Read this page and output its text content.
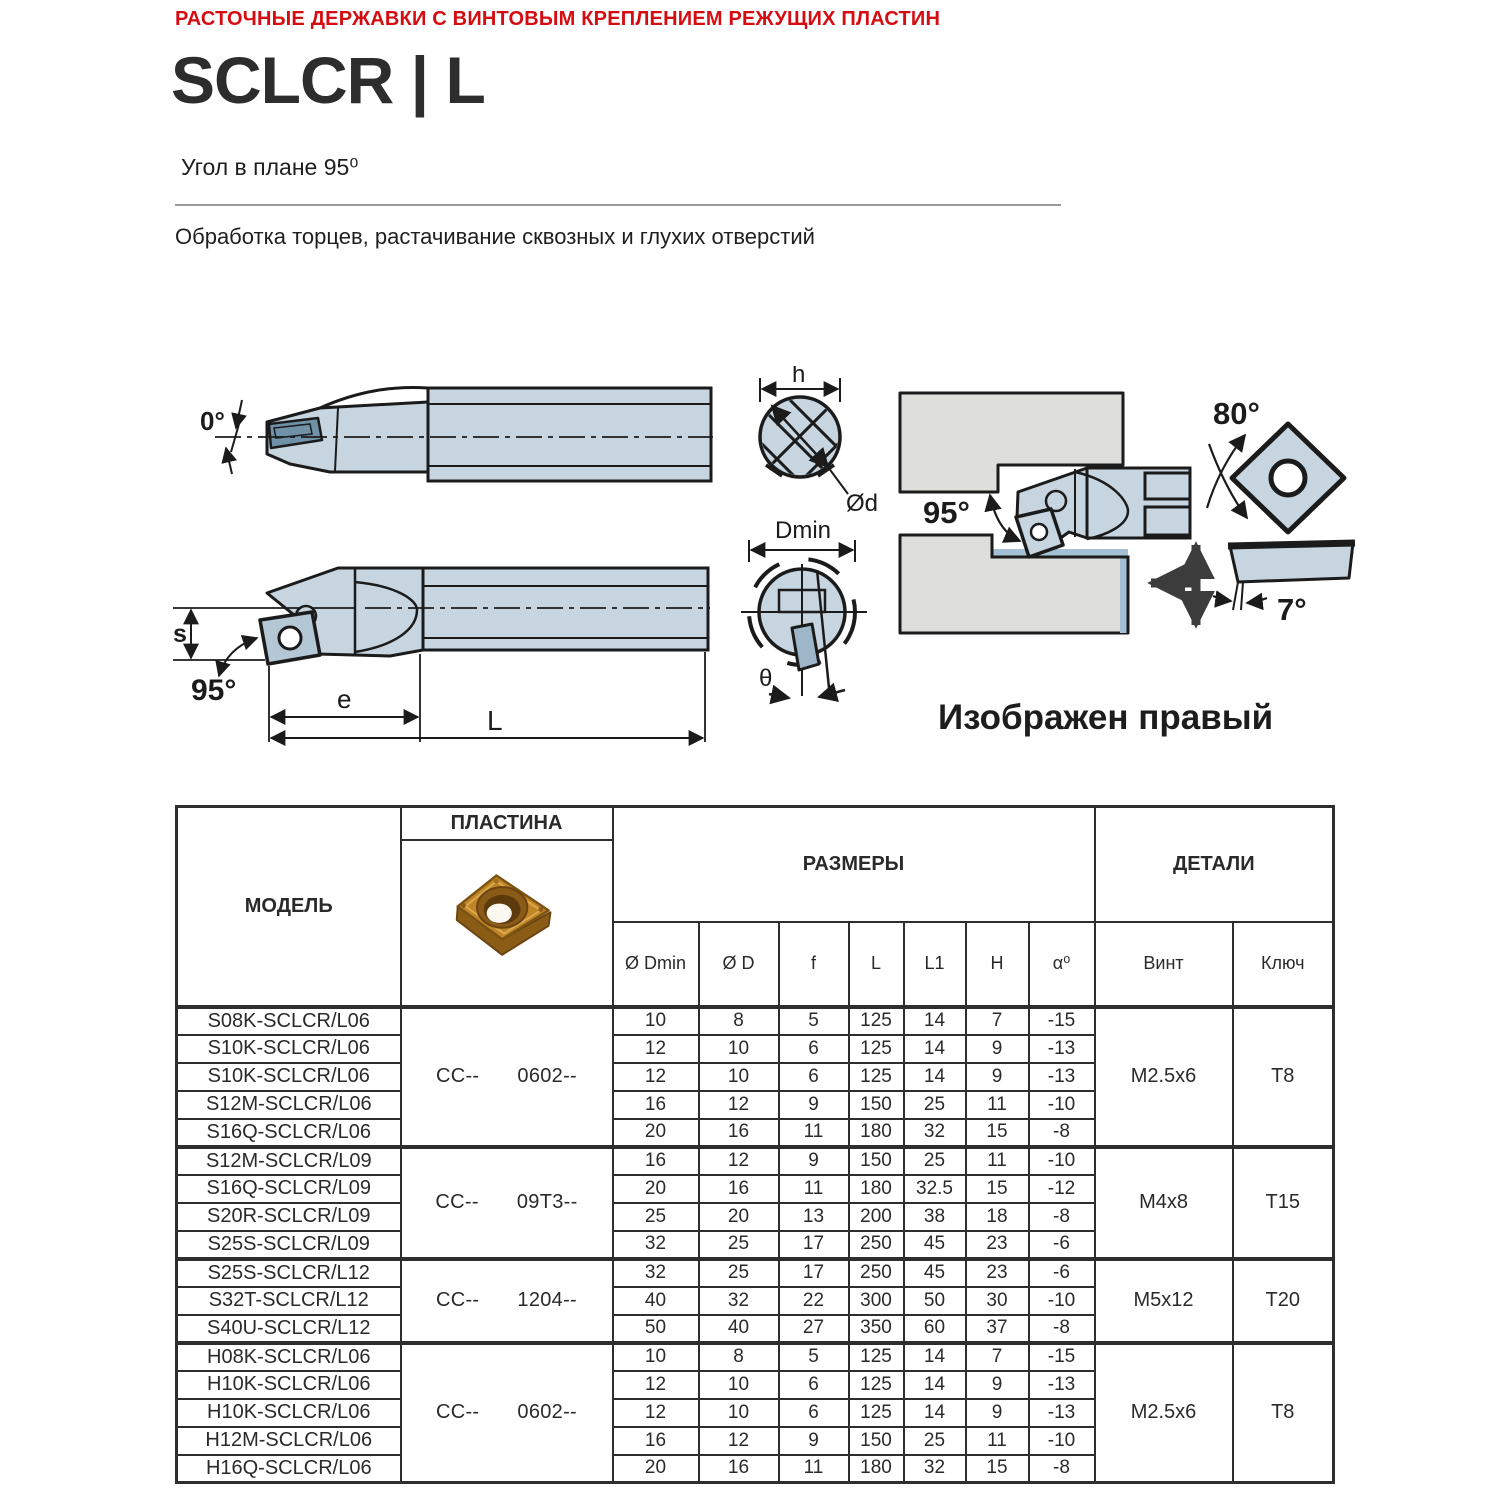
РАСТОЧНЫЕ ДЕРЖАВКИ С ВИНТОВЫМ КРЕПЛЕНИЕМ РЕЖУЩИХ ПЛАСТИН
SCLCR | L
Угол в плане 95⁰
Обработка торцев, растачивание сквозных и глухих отверстий
0°
s
95°	e
L
h
Ød
Dmin
θ
95°
80°
7°
Изображен правый
МОДЕЛЬ	ПЛАСТИНА	РАЗМЕРЫ							ДЕТАЛИ	

		Ø Dmin	Ø D	f	L	L1	H	α⁰	Винт	Ключ
S08K-SCLCR/L06	CC-- 0602--	10	8	5	125	14	7	-15	M2.5x6	T8
S10K-SCLCR/L06		12	10	6	125	14	9	-13		
S10K-SCLCR/L06		12	10	6	125	14	9	-13		
S12M-SCLCR/L06		16	12	9	150	25	11	-10		
S16Q-SCLCR/L06		20	16	11	180	32	15	-8		
S12M-SCLCR/L09	CC-- 09T3--	16	12	9	150	25	11	-10	M4x8	T15
S16Q-SCLCR/L09		20	16	11	180	32.5	15	-12		
S20R-SCLCR/L09		25	20	13	200	38	18	-8		
S25S-SCLCR/L09		32	25	17	250	45	23	-6		
S25S-SCLCR/L12	CC-- 1204--	32	25	17	250	45	23	-6	M5x12	T20
S32T-SCLCR/L12		40	32	22	300	50	30	-10		
S40U-SCLCR/L12		50	40	27	350	60	37	-8		
H08K-SCLCR/L06	CC-- 0602--	10	8	5	125	14	7	-15	M2.5x6	T8
H10K-SCLCR/L06		12	10	6	125	14	9	-13		
H10K-SCLCR/L06		12	10	6	125	14	9	-13		
H12M-SCLCR/L06		16	12	9	150	25	11	-10		
H16Q-SCLCR/L06		20	16	11	180	32	15	-8		
